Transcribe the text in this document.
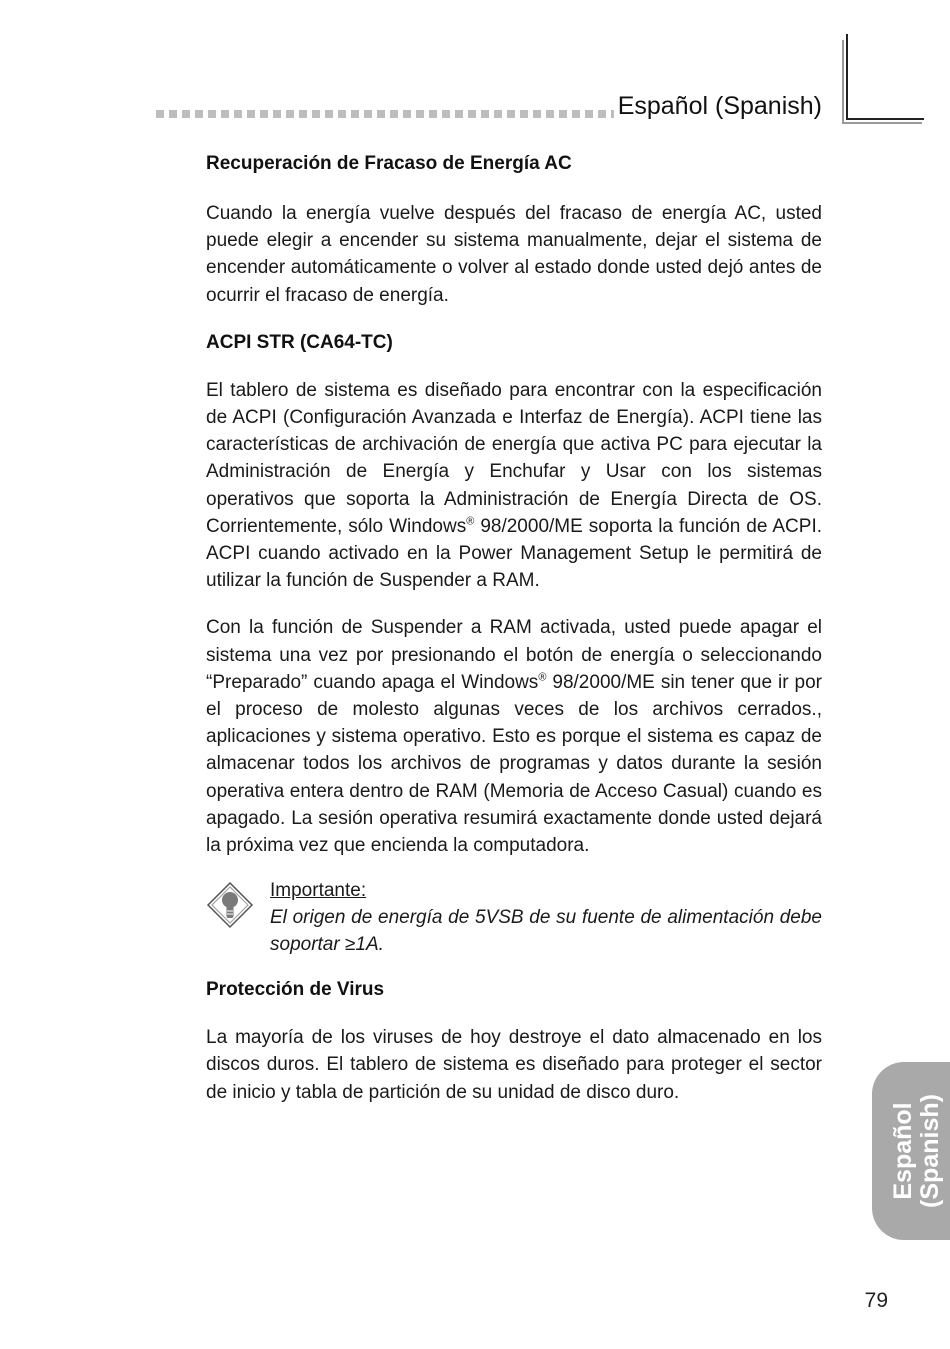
Español (Spanish)
Recuperación de Fracaso de Energía AC

Cuando la energía vuelve después del fracaso de energía AC, usted puede elegir a encender su sistema manualmente, dejar el sistema de encender automáticamente o volver al estado donde usted dejó antes de ocurrir el fracaso de energía.

ACPI STR (CA64-TC)

El tablero de sistema es diseñado para encontrar con la especificación de ACPI (Configuración Avanzada e Interfaz de Energía). ACPI tiene las características de archivación de energía que activa PC para ejecutar la Administración de Energía y Enchufar y Usar con los sistemas operativos que soporta la Administración de Energía Directa de OS. Corrientemente, sólo Windows® 98/2000/ME soporta la función de ACPI. ACPI cuando activado en la Power Management Setup le permitirá de utilizar la función de Suspender a RAM.

Con la función de Suspender a RAM activada, usted puede apagar el sistema una vez por presionando el botón de energía o seleccionando “Preparado” cuando apaga el Windows® 98/2000/ME sin tener que ir por el proceso de molesto algunas veces de los archivos cerrados., aplicaciones y sistema operativo. Esto es porque el sistema es capaz de almacenar todos los archivos de programas y datos durante la sesión operativa entera dentro de RAM (Memoria de Acceso Casual) cuando es apagado. La sesión operativa resumirá exactamente donde usted dejará la próxima vez que encienda la computadora.

Importante:

El origen de energía de 5VSB de su fuente de alimentación debe soportar ≥1A.

Protección de Virus

La mayoría de los viruses de hoy destroye el dato almacenado en los discos duros. El tablero de sistema es diseñado para proteger el sector de inicio y tabla de partición de su unidad de disco duro.

Español (Spanish)

79
